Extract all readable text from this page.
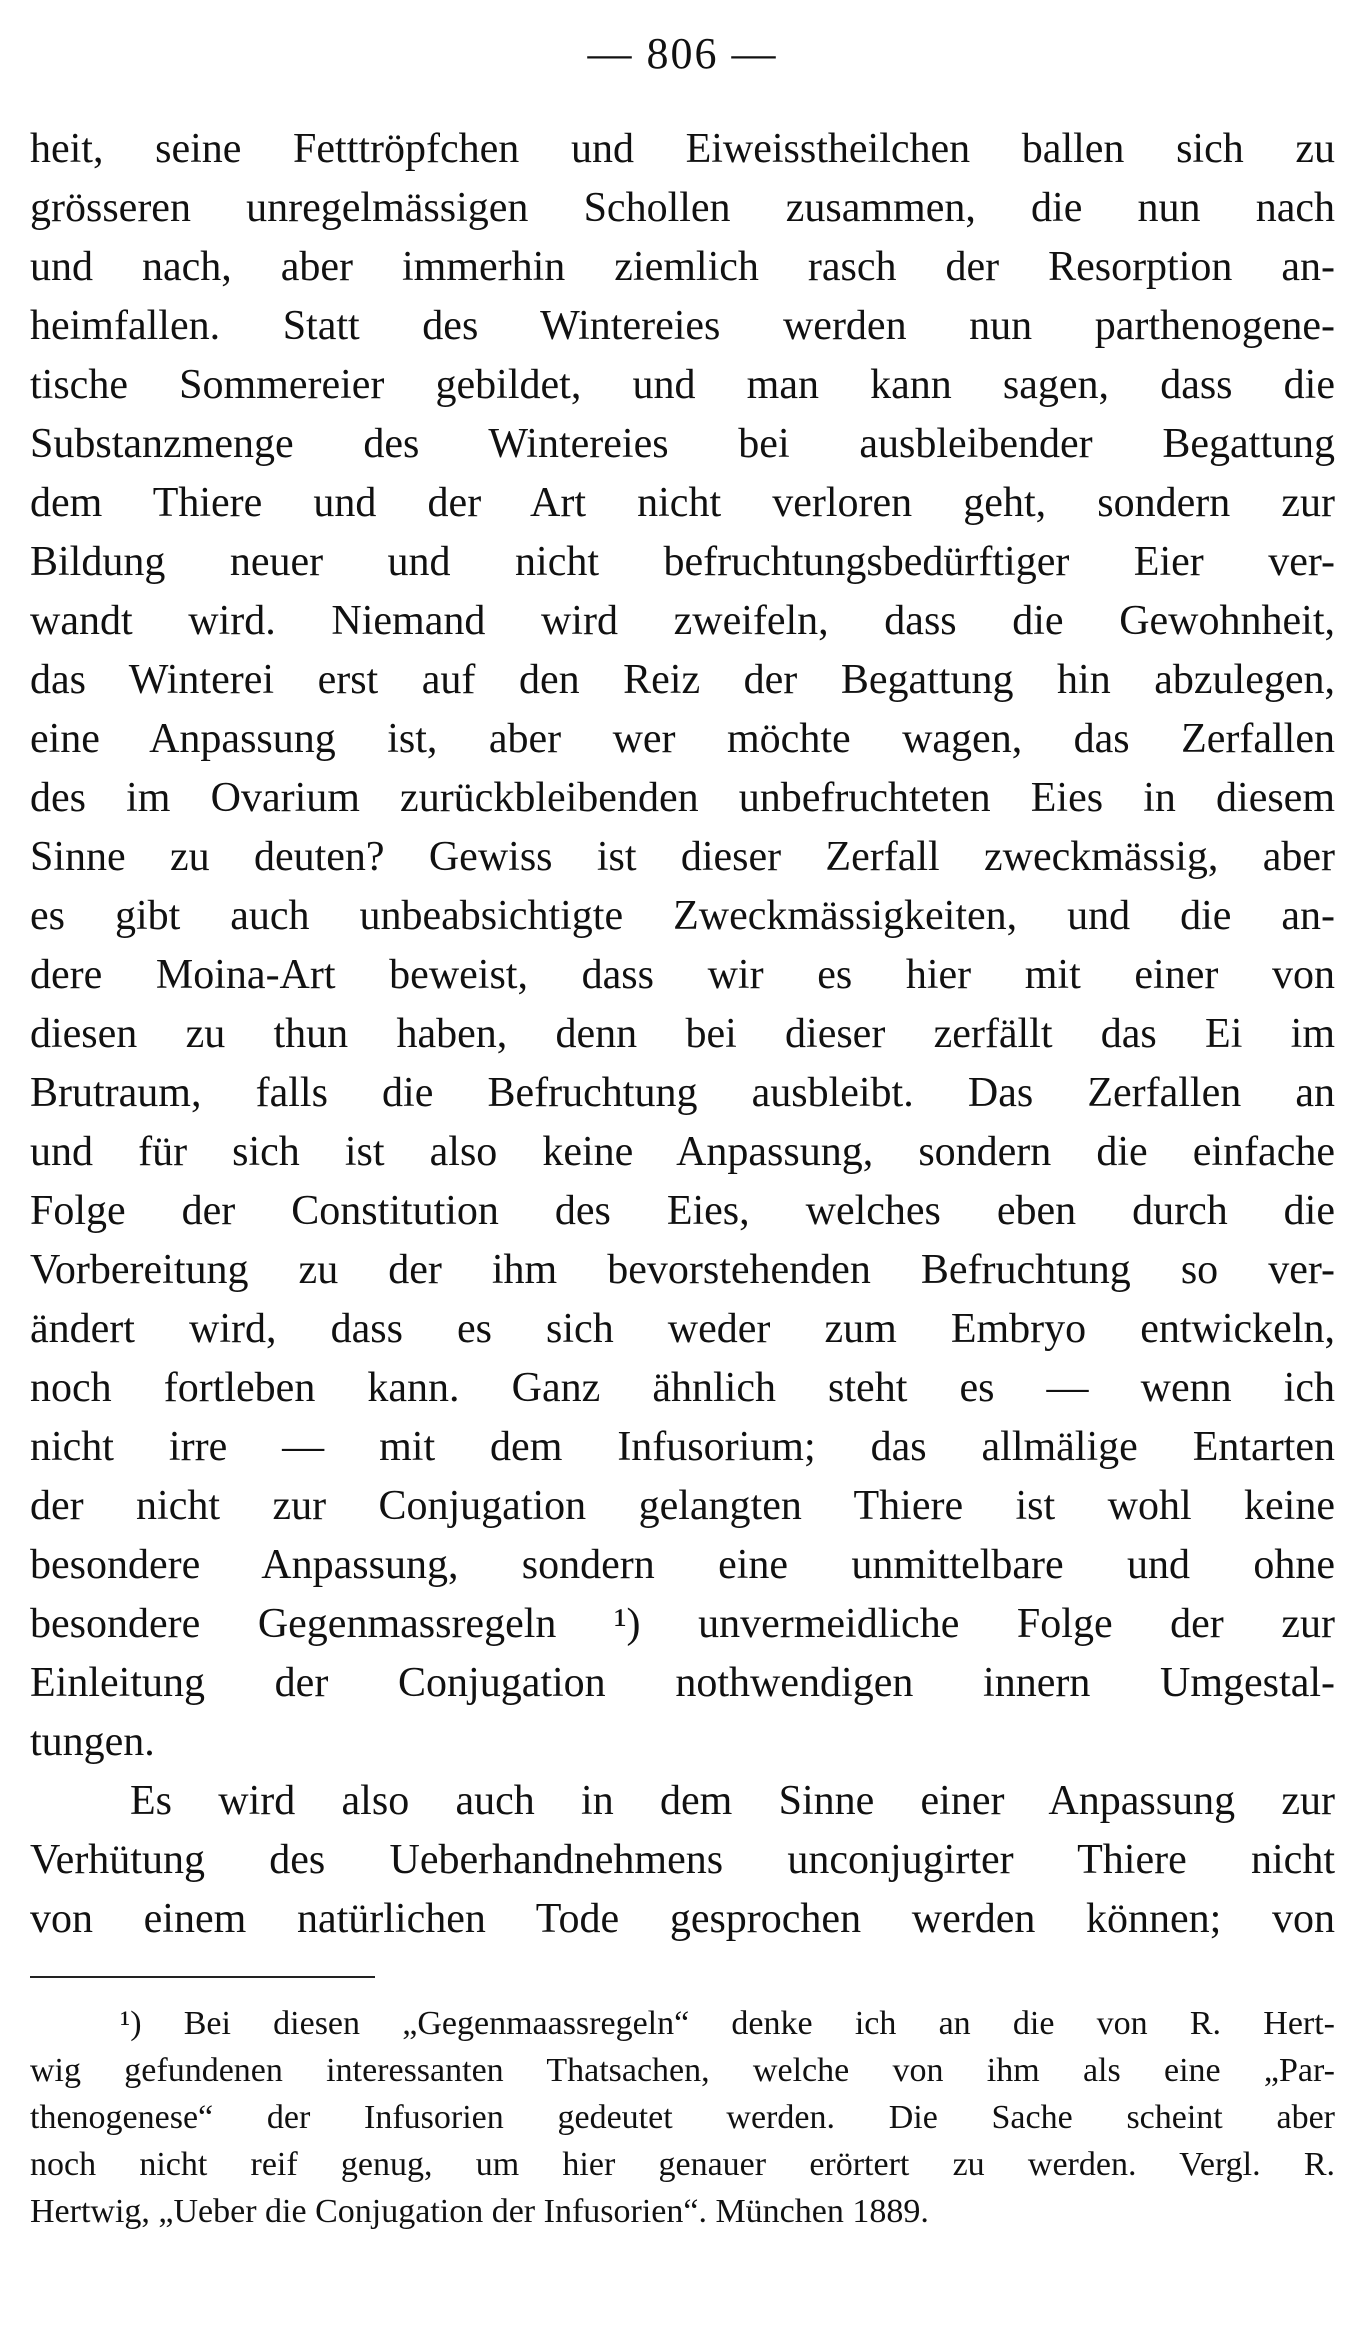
— 806 —
heit, seine Fetttröpfchen und Eiweisstheilchen ballen sich zu
grösseren unregelmässigen Schollen zusammen, die nun nach
und nach, aber immerhin ziemlich rasch der Resorption an-
heimfallen. Statt des Wintereies werden nun parthenogene-
tische Sommereier gebildet, und man kann sagen, dass die
Substanzmenge des Wintereies bei ausbleibender Begattung
dem Thiere und der Art nicht verloren geht, sondern zur
Bildung neuer und nicht befruchtungsbedürftiger Eier ver-
wandt wird. Niemand wird zweifeln, dass die Gewohnheit,
das Winterei erst auf den Reiz der Begattung hin abzulegen,
eine Anpassung ist, aber wer möchte wagen, das Zerfallen
des im Ovarium zurückbleibenden unbefruchteten Eies in diesem
Sinne zu deuten? Gewiss ist dieser Zerfall zweckmässig, aber
es gibt auch unbeabsichtigte Zweckmässigkeiten, und die an-
dere Moina-Art beweist, dass wir es hier mit einer von
diesen zu thun haben, denn bei dieser zerfällt das Ei im
Brutraum, falls die Befruchtung ausbleibt. Das Zerfallen an
und für sich ist also keine Anpassung, sondern die einfache
Folge der Constitution des Eies, welches eben durch die
Vorbereitung zu der ihm bevorstehenden Befruchtung so ver-
ändert wird, dass es sich weder zum Embryo entwickeln,
noch fortleben kann. Ganz ähnlich steht es — wenn ich
nicht irre — mit dem Infusorium; das allmälige Entarten
der nicht zur Conjugation gelangten Thiere ist wohl keine
besondere Anpassung, sondern eine unmittelbare und ohne
besondere Gegenmassregeln ¹) unvermeidliche Folge der zur
Einleitung der Conjugation nothwendigen innern Umgestal-
tungen.
Es wird also auch in dem Sinne einer Anpassung zur
Verhütung des Ueberhandnehmens unconjugirter Thiere nicht
von einem natürlichen Tode gesprochen werden können; von
¹) Bei diesen „Gegenmaassregeln“ denke ich an die von R. Hert-
wig gefundenen interessanten Thatsachen, welche von ihm als eine „Par-
thenogenese“ der Infusorien gedeutet werden. Die Sache scheint aber
noch nicht reif genug, um hier genauer erörtert zu werden. Vergl. R.
Hertwig, „Ueber die Conjugation der Infusorien“. München 1889.
